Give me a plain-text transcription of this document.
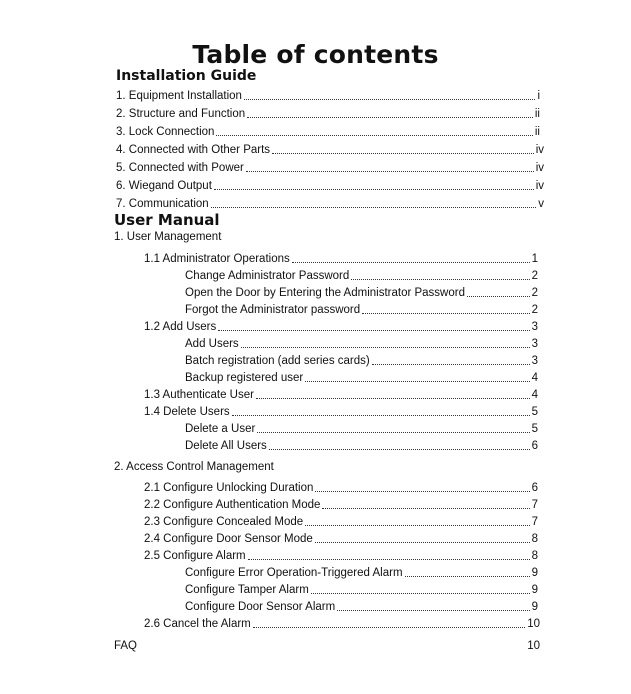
Table of contents
Installation Guide
1. Equipment Installation	i
2. Structure and Function	ii
3. Lock Connection	ii
4. Connected with Other Parts	iv
5. Connected with Power	iv
6. Wiegand Output	iv
7. Communication	v
User Manual
1. User Management
1.1 Administrator Operations	1
Change Administrator Password	2
Open the Door by Entering the Administrator Password	2
Forgot the Administrator password	2
1.2 Add Users	3
Add Users	3
Batch registration (add series cards)	3
Backup registered user	4
1.3 Authenticate User	4
1.4 Delete Users	5
Delete a User	5
Delete All Users	6
2. Access Control Management
2.1 Configure Unlocking Duration	6
2.2 Configure Authentication Mode	7
2.3 Configure Concealed Mode	7
2.4 Configure Door Sensor Mode	8
2.5 Configure Alarm	8
Configure Error Operation-Triggered Alarm	9
Configure Tamper Alarm	9
Configure Door Sensor Alarm	9
2.6 Cancel the Alarm	10
FAQ	10
